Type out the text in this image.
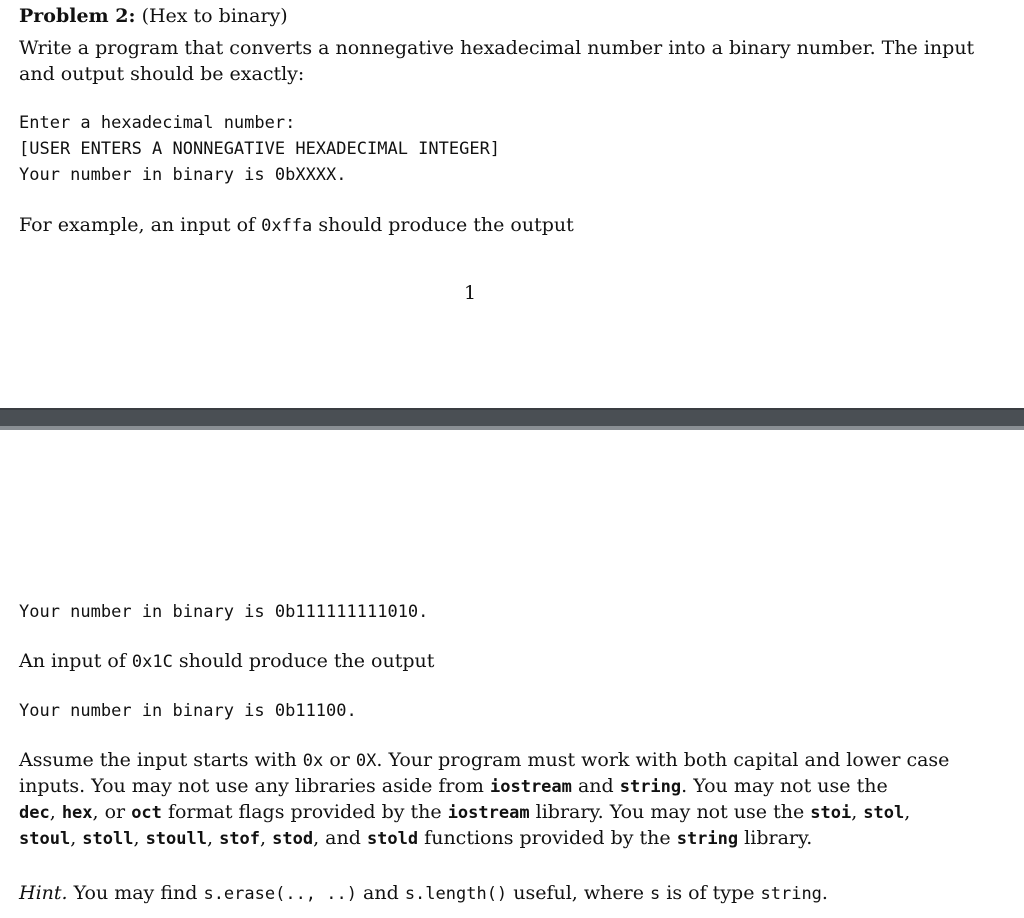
Problem 2: (Hex to binary)
Write a program that converts a nonnegative hexadecimal number into a binary number. The input
and output should be exactly:
Enter a hexadecimal number:
[USER ENTERS A NONNEGATIVE HEXADECIMAL INTEGER]
Your number in binary is 0bXXXX.
For example, an input of 0xffa should produce the output
1
Your number in binary is 0b111111111010.
An input of 0x1C should produce the output
Your number in binary is 0b11100.
Assume the input starts with 0x or 0X. Your program must work with both capital and lower case
inputs. You may not use any libraries aside from iostream and string. You may not use the
dec, hex, or oct format flags provided by the iostream library. You may not use the stoi, stol,
stoul, stoll, stoull, stof, stod, and stold functions provided by the string library.
Hint. You may find s.erase(.., ..) and s.length() useful, where s is of type string.
